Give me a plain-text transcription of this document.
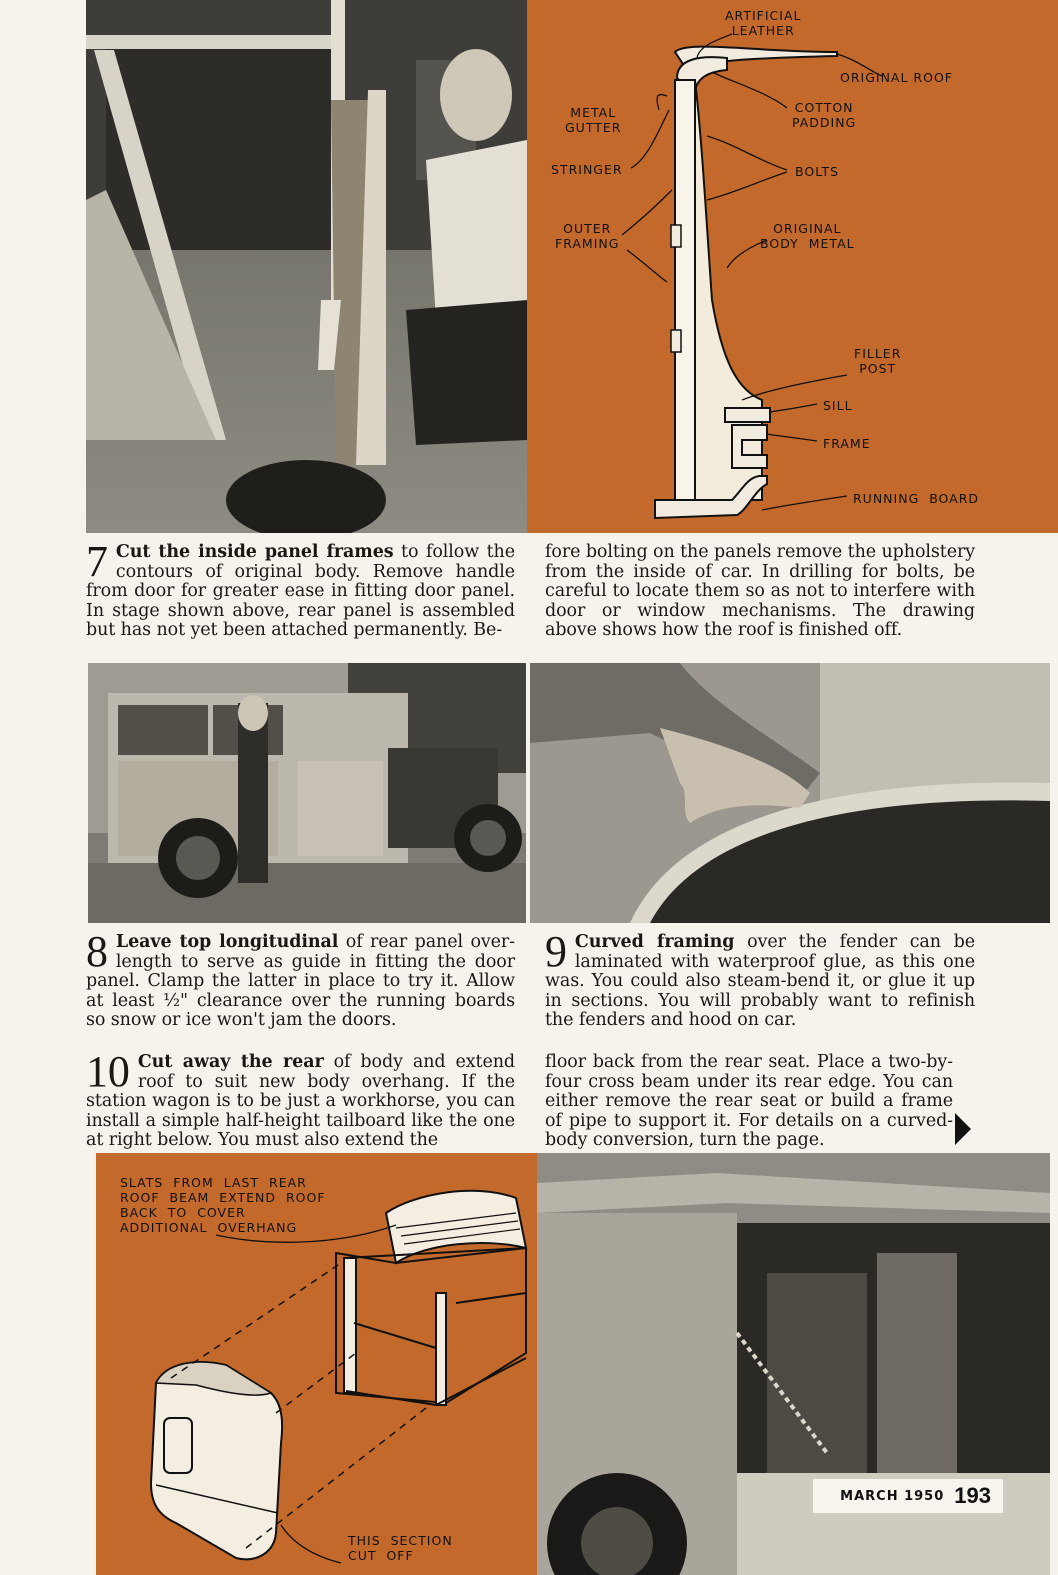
ARTIFICIAL
LEATHER
ORIGINAL ROOF
METAL
GUTTER
COTTON
PADDING
STRINGER	BOLTS
OUTER
FRAMING
ORIGINAL
BODY  METAL
FILLER
POST
SILL
FRAME
RUNNING  BOARD
7 Cut the inside panel frames to follow the contours of original body. Remove handle from door for greater ease in fitting door panel. In stage shown above, rear panel is assembled but has not yet been attached permanently. Be-
fore bolting on the panels remove the upholstery from the inside of car. In drilling for bolts, be careful to locate them so as not to interfere with door or window mechanisms. The drawing above shows how the roof is finished off.
8 Leave top longitudinal of rear panel over-length to serve as guide in fitting the door panel. Clamp the latter in place to try it. Allow at least ½" clearance over the running boards so snow or ice won't jam the doors.
9 Curved framing over the fender can be laminated with waterproof glue, as this one was. You could also steam-bend it, or glue it up in sections. You will probably want to refinish the fenders and hood on car.
10 Cut away the rear of body and extend roof to suit new body overhang. If the station wagon is to be just a workhorse, you can install a simple half-height tailboard like the one at right below. You must also extend the
floor back from the rear seat. Place a two-by-four cross beam under its rear edge. You can either remove the rear seat or build a frame of pipe to support it. For details on a curved-body conversion, turn the page.
SLATS  FROM  LAST  REAR
ROOF  BEAM  EXTEND  ROOF
BACK  TO  COVER
ADDITIONAL  OVERHANG
THIS  SECTION
CUT  OFF
MARCH 1950 193
